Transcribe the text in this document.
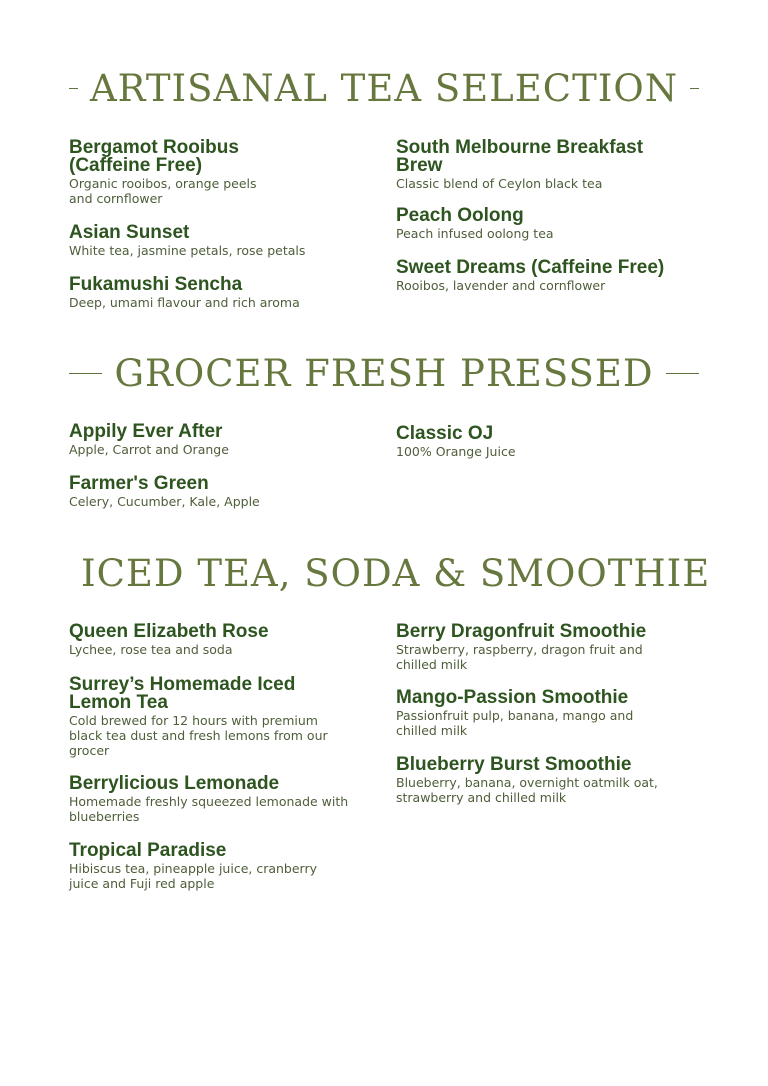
ARTISANAL TEA SELECTION

Bergamot Rooibus (Caffeine Free)

Organic rooibos, orange peels and cornflower

Asian Sunset

White tea, jasmine petals, rose petals

Fukamushi Sencha

Deep, umami flavour and rich aroma

South Melbourne Breakfast Brew

Classic blend of Ceylon black tea

Peach Oolong

Peach infused oolong tea

Sweet Dreams (Caffeine Free)

Rooibos, lavender and cornflower

GROCER FRESH PRESSED

Appily Ever After

Apple, Carrot and Orange

Farmer's Green

Celery, Cucumber, Kale, Apple

Classic OJ

100% Orange Juice

ICED TEA, SODA & SMOOTHIE

Queen Elizabeth Rose

Lychee, rose tea and soda

Surrey’s Homemade Iced Lemon Tea

Cold brewed for 12 hours with premium black tea dust and fresh lemons from our grocer

Berrylicious Lemonade

Homemade freshly squeezed lemonade with blueberries

Tropical Paradise

Hibiscus tea, pineapple juice, cranberry juice and Fuji red apple

Berry Dragonfruit Smoothie

Strawberry, raspberry, dragon fruit and chilled milk

Mango-Passion Smoothie

Passionfruit pulp, banana, mango and chilled milk

Blueberry Burst Smoothie

Blueberry, banana, overnight oatmilk oat, strawberry and chilled milk
